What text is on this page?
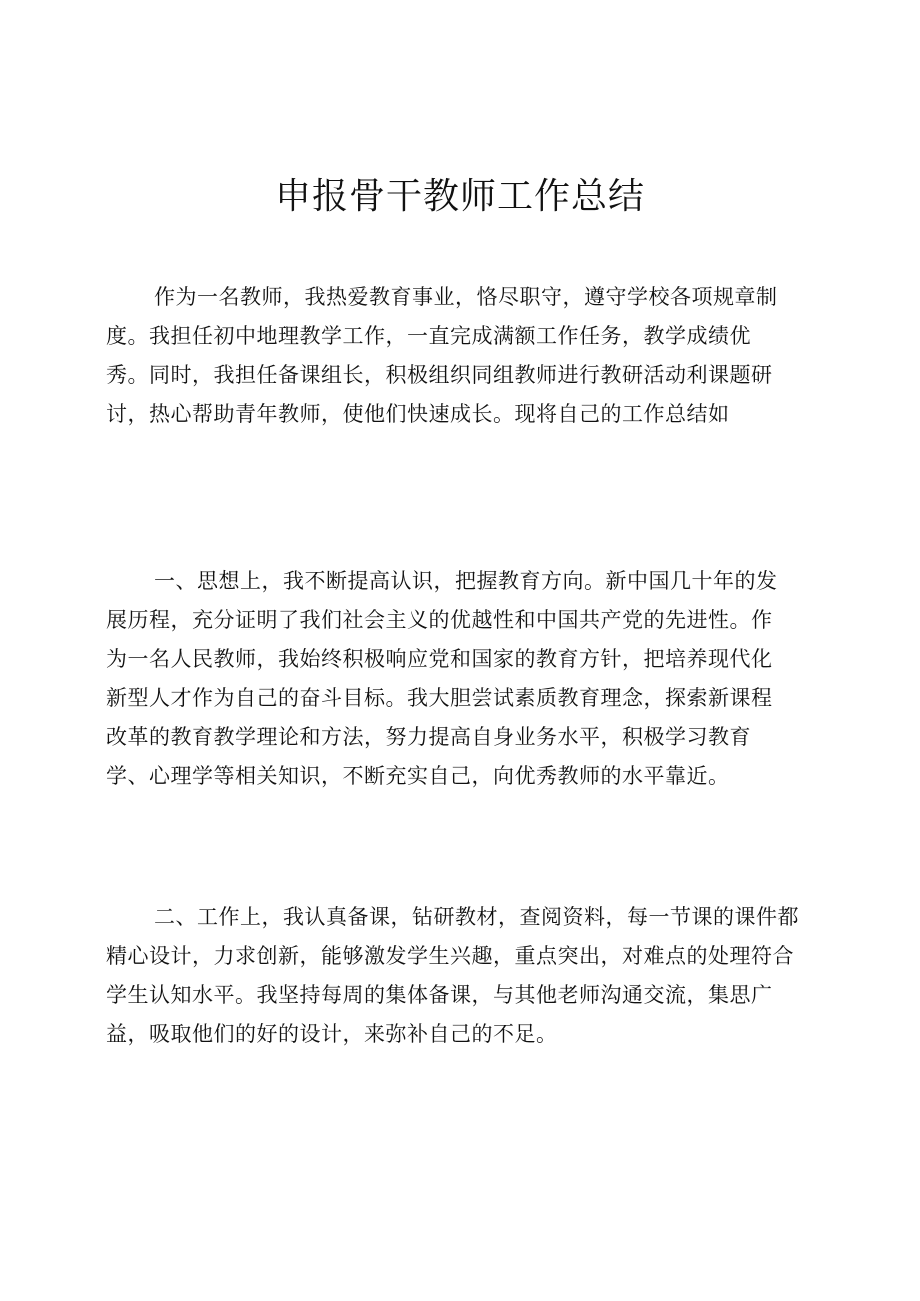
申报骨干教师工作总结
作为一名教师，我热爱教育事业，恪尽职守，遵守学校各项规章制
度。我担任初中地理教学工作，一直完成满额工作任务，教学成绩优
秀。同时，我担任备课组长，积极组织同组教师进行教研活动利课题研
讨，热心帮助青年教师，使他们快速成长。现将自己的工作总结如
一、思想上，我不断提高认识，把握教育方向。新中国几十年的发
展历程，充分证明了我们社会主义的优越性和中国共产党的先进性。作
为一名人民教师，我始终积极响应党和国家的教育方针，把培养现代化
新型人才作为自己的奋斗目标。我大胆尝试素质教育理念，探索新课程
改革的教育教学理论和方法，努力提高自身业务水平，积极学习教育
学、心理学等相关知识，不断充实自己，向优秀教师的水平靠近。
二、工作上，我认真备课，钻研教材，查阅资料，每一节课的课件都
精心设计，力求创新，能够激发学生兴趣，重点突出，对难点的处理符合
学生认知水平。我坚持每周的集体备课，与其他老师沟通交流，集思广
益，吸取他们的好的设计，来弥补自己的不足。
